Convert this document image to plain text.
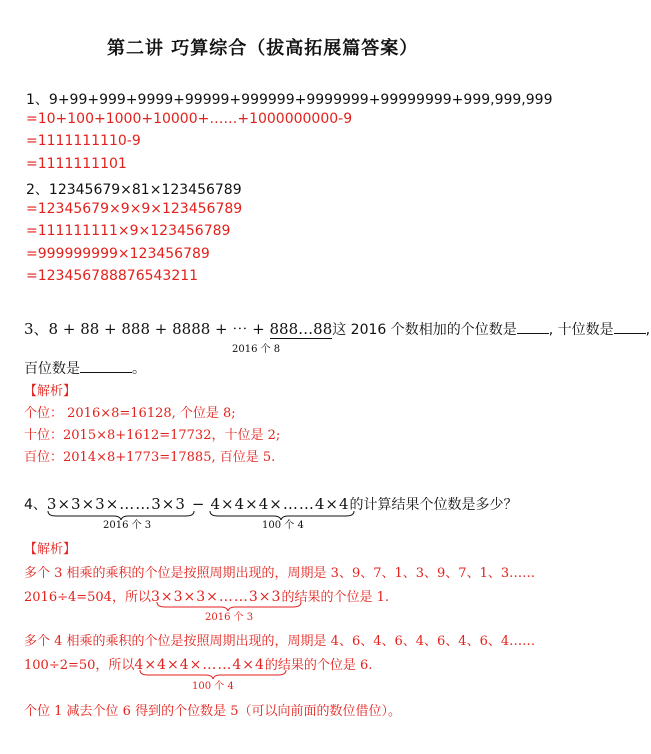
第二讲 巧算综合（拔高拓展篇答案）
1、9+99+999+9999+99999+999999+9999999+99999999+999,999,999
=10+100+1000+10000+……+1000000000-9
=1111111110-9
=1111111101
2、12345679×81×123456789
=12345679×9×9×123456789
=111111111×9×123456789
=999999999×123456789
=123456788876543211
3、8 + 88 + 888 + 8888 + ⋯ + 888…88这 2016 个数相加的个位数是 , 十位数是 ,
2016 个 8
百位数是	。
【解析】
个位： 2016×8=16128, 个位是 8;
十位：2015×8+1612=17732，十位是 2;
百位：2014×8+1773=17885, 百位是 5.
4、3×3×3×……3×3 − 4×4×4×……4×4的计算结果个位数是多少？
2016 个 3	100 个 4
【解析】
多个 3 相乘的乘积的个位是按照周期出现的，周期是 3、9、7、1、3、9、7、1、3……
2016÷4=504，所以3×3×3×……3×3的结果的个位是 1.
2016 个 3
多个 4 相乘的乘积的个位是按照周期出现的，周期是 4、6、4、6、4、6、4、6、4……
100÷2=50，所以4×4×4×……4×4的结果的个位是 6.
100 个 4
个位 1 减去个位 6 得到的个位数是 5（可以向前面的数位借位）。
